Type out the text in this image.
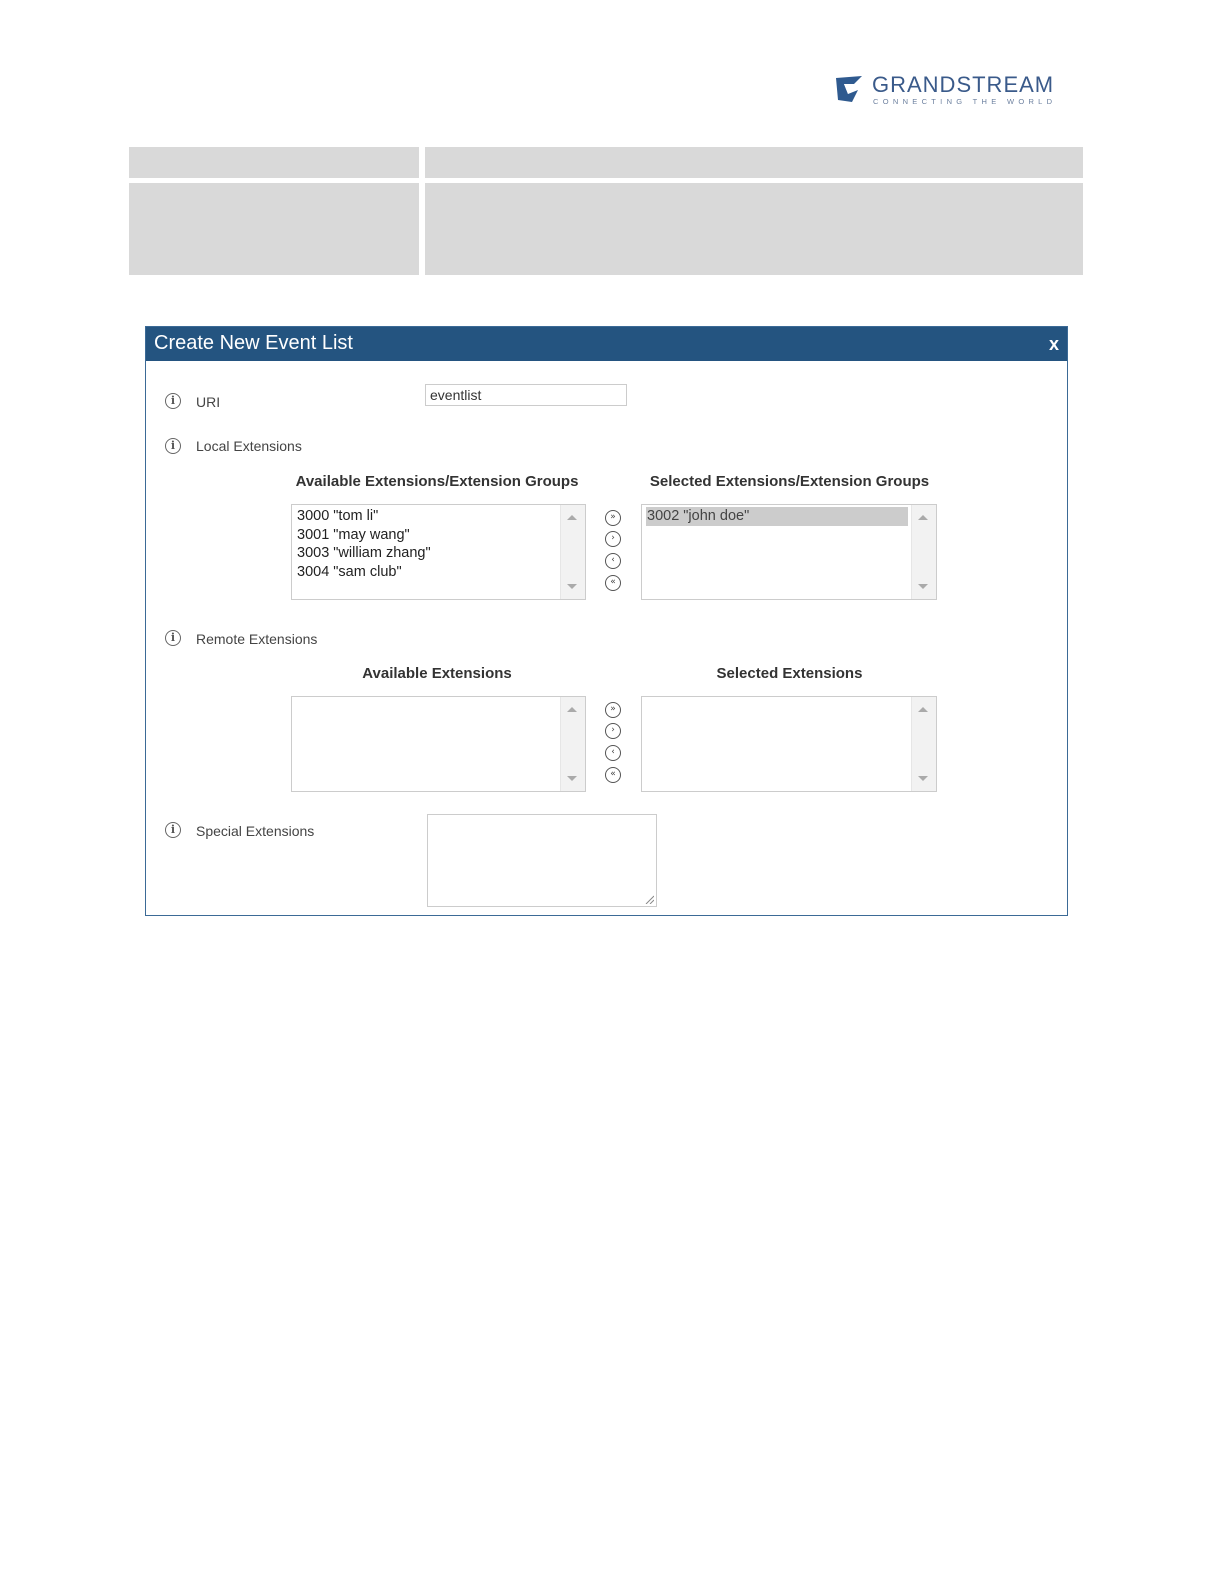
GRANDSTREAM
CONNECTING THE WORLD
Create New Event List	x
i	URI
eventlist
i	Local Extensions
Available Extensions/Extension Groups	Selected Extensions/Extension Groups
3000 "tom li"
3001 "may wang"
3003 "william zhang"
3004 "sam club"
»
›
‹
«
3002 "john doe"
i	Remote Extensions
Available Extensions	Selected Extensions
»
›
‹
«
i	Special Extensions
